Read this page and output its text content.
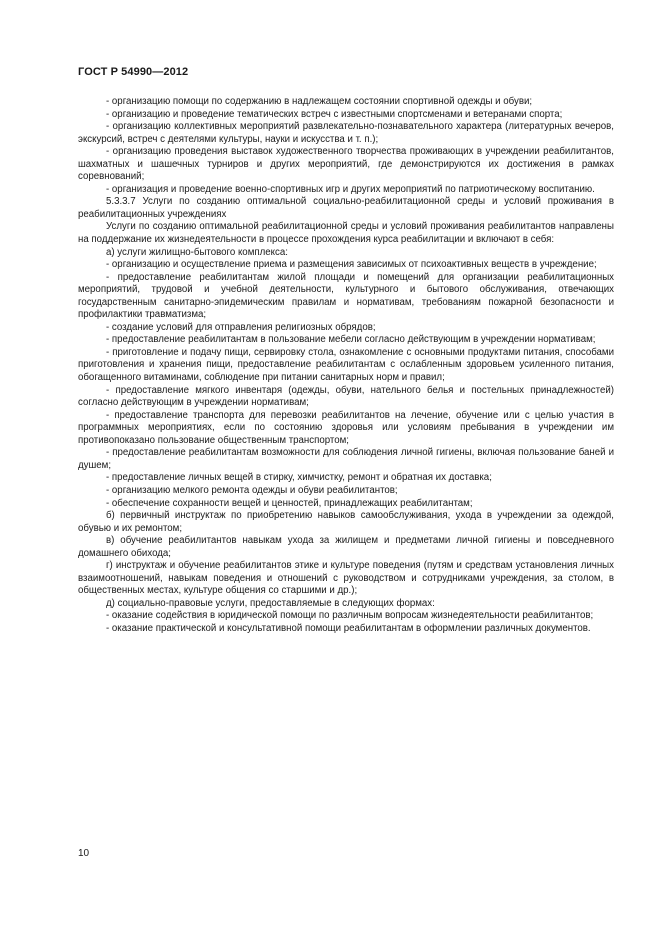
ГОСТ Р 54990—2012

- организацию помощи по содержанию в надлежащем состоянии спортивной одежды и обуви;

- организацию и проведение тематических встреч с известными спортсменами и ветеранами спорта;

- организацию коллективных мероприятий развлекательно-познавательного характера (литературных вечеров, экскурсий, встреч с деятелями культуры, науки и искусства и т. п.);

- организацию проведения выставок художественного творчества проживающих в учреждении реабилитантов, шахматных и шашечных турниров и других мероприятий, где демонстрируются их достижения в рамках соревнований;

- организация и проведение военно-спортивных игр и других мероприятий по патриотическому воспитанию.

5.3.3.7 Услуги по созданию оптимальной социально-реабилитационной среды и условий проживания в реабилитационных учреждениях

Услуги по созданию оптимальной реабилитационной среды и условий проживания реабилитантов направлены на поддержание их жизнедеятельности в процессе прохождения курса реабилитации и включают в себя:

а) услуги жилищно-бытового комплекса:

- организацию и осуществление приема и размещения зависимых от психоактивных веществ в учреждение;

- предоставление реабилитантам жилой площади и помещений для организации реабилитационных мероприятий, трудовой и учебной деятельности, культурного и бытового обслуживания, отвечающих государственным санитарно-эпидемическим правилам и нормативам, требованиям пожарной безопасности и профилактики травматизма;

- создание условий для отправления религиозных обрядов;

- предоставление реабилитантам в пользование мебели согласно действующим в учреждении нормативам;

- приготовление и подачу пищи, сервировку стола, ознакомление с основными продуктами питания, способами приготовления и хранения пищи, предоставление реабилитантам с ослабленным здоровьем усиленного питания, обогащенного витаминами, соблюдение при питании санитарных норм и правил;

- предоставление мягкого инвентаря (одежды, обуви, нательного белья и постельных принадлежностей) согласно действующим в учреждении нормативам;

- предоставление транспорта для перевозки реабилитантов на лечение, обучение или с целью участия в программных мероприятиях, если по состоянию здоровья или условиям пребывания в учреждении им противопоказано пользование общественным транспортом;

- предоставление реабилитантам возможности для соблюдения личной гигиены, включая пользование баней и душем;

- предоставление личных вещей в стирку, химчистку, ремонт и обратная их доставка;

- организацию мелкого ремонта одежды и обуви реабилитантов;

- обеспечение сохранности вещей и ценностей, принадлежащих реабилитантам;

б) первичный инструктаж по приобретению навыков самообслуживания, ухода в учреждении за одеждой, обувью и их ремонтом;

в) обучение реабилитантов навыкам ухода за жилищем и предметами личной гигиены и повседневного домашнего обихода;

г) инструктаж и обучение реабилитантов этике и культуре поведения (путям и средствам установления личных взаимоотношений, навыкам поведения и отношений с руководством и сотрудниками учреждения, за столом, в общественных местах, культуре общения со старшими и др.);

д) социально-правовые услуги, предоставляемые в следующих формах:

- оказание содействия в юридической помощи по различным вопросам жизнедеятельности реабилитантов;

- оказание практической и консультативной помощи реабилитантам в оформлении различных документов.

10
